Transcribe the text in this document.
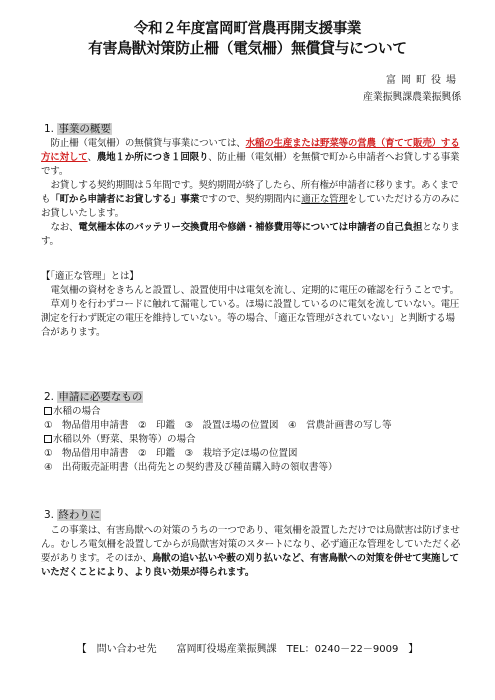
令和２年度富岡町営農再開支援事業
有害鳥獣対策防止柵（電気柵）無償貸与について
富岡町役場
産業振興課農業振興係
1. 事業の概要

防止柵（電気柵）の無償貸与事業については、水稲の生産または野菜等の営農（育てて販売）する方に対して、農地１か所につき１回限り、防止柵（電気柵）を無償で町から申請者へお貸しする事業です。

お貸しする契約期間は５年間です。契約期間が終了したら、所有権が申請者に移ります。あくまでも「町から申請者にお貸しする」事業ですので、契約期間内に適正な管理をしていただける方のみにお貸しいたします。

なお、電気柵本体のバッテリー交換費用や修繕・補修費用等については申請者の自己負担となります。

【「適正な管理」とは】

電気柵の資材をきちんと設置し、設置使用中は電気を流し、定期的に電圧の確認を行うことです。

草刈りを行わずコードに触れて漏電している。ほ場に設置しているのに電気を流していない。電圧測定を行わず既定の電圧を維持していない。等の場合、「適正な管理がされていない」と判断する場合があります。

2. 申請に必要なもの
水稲の場合
①　物品借用申請書　②　印鑑　③　設置ほ場の位置図　④　営農計画書の写し等
水稲以外（野菜、果物等）の場合
①　物品借用申請書　②　印鑑　③　栽培予定ほ場の位置図
④　出荷販売証明書（出荷先との契約書及び種苗購入時の領収書等）
3. 終わりに

この事業は、有害鳥獣への対策のうちの一つであり、電気柵を設置しただけでは鳥獣害は防げません。むしろ電気柵を設置してからが鳥獣害対策のスタートになり、必ず適正な管理をしていただく必要があります。そのほか、鳥獣の追い払いや薮の刈り払いなど、有害鳥獣への対策を併せて実施していただくことにより、より良い効果が得られます。

【　問い合わせ先　　富岡町役場産業振興課　TEL：0240－22－9009　】
